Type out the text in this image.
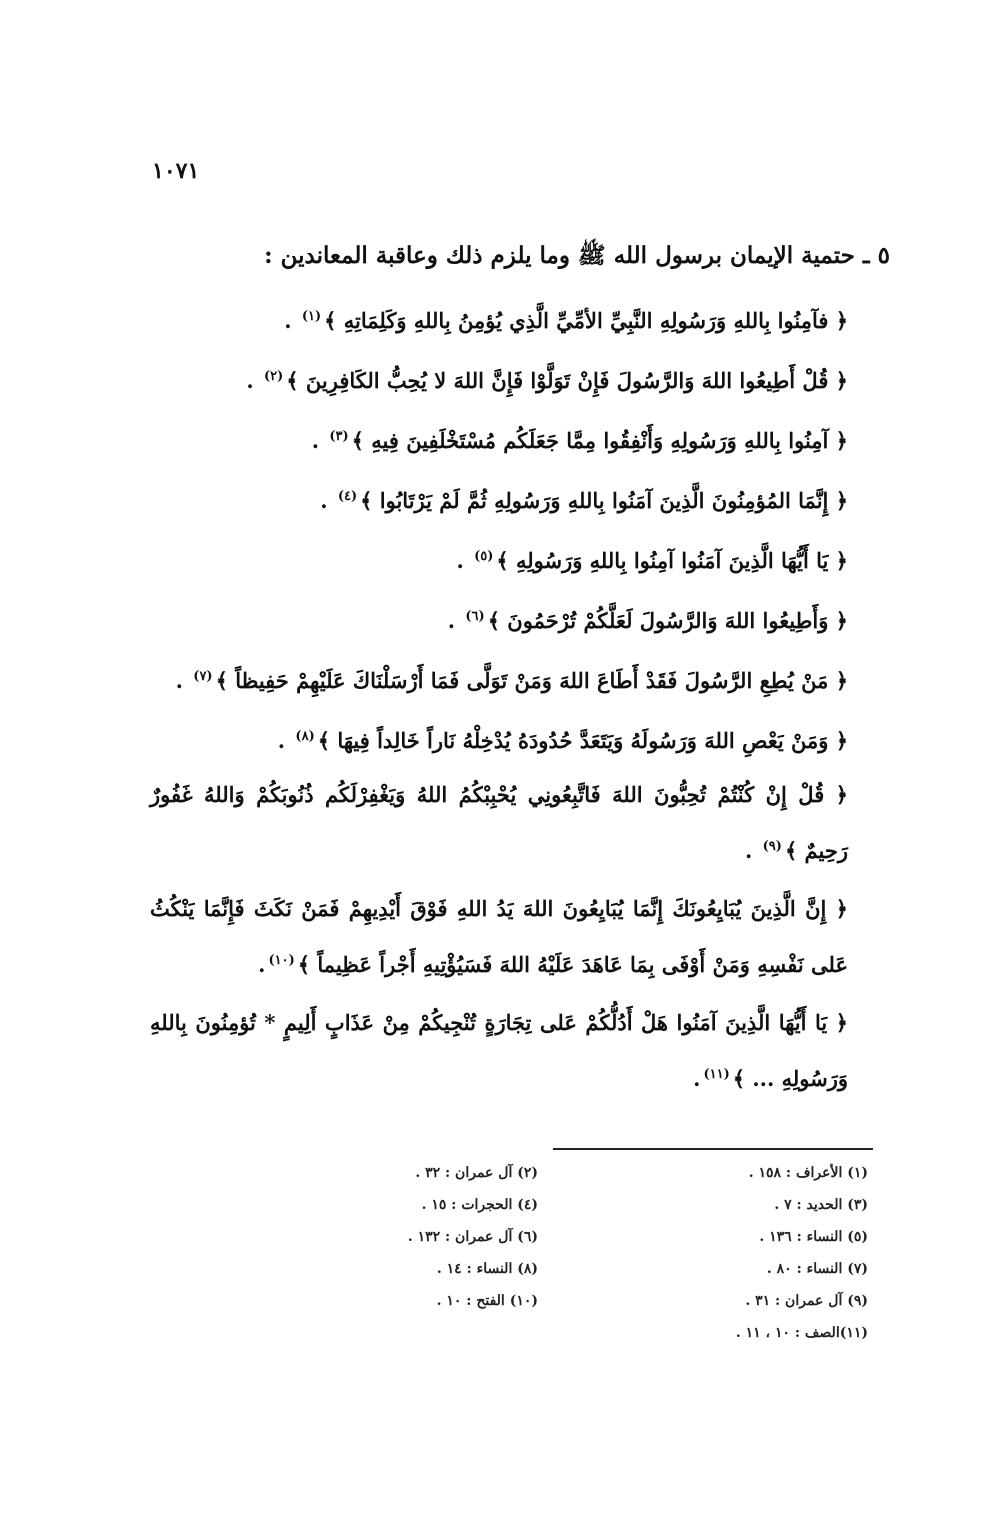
١٠٧١
٥ ـ حتمية الإيمان برسول الله ﷺ وما يلزم ذلك وعاقبة المعاندين :
﴿ فآمِنُوا بِاللهِ وَرَسُولِهِ النَّبِيِّ الأمِّيِّ الَّذِي يُؤمِنُ بِاللهِ وَكَلِمَاتِهِ ﴾$^{(١)}$ .
﴿ قُلْ أَطِيعُوا اللهَ وَالرَّسُولَ فَإِنْ تَوَلَّوْا فَإِنَّ اللهَ لا يُحِبُّ الكَافِرِينَ ﴾$^{(٢)}$ .
﴿ آمِنُوا بِاللهِ وَرَسُولِهِ وَأَنْفِقُوا مِمَّا جَعَلَكُم مُسْتَخْلَفِينَ فِيهِ ﴾$^{(٣)}$ .
﴿ إِنَّمَا المُؤمِنُونَ الَّذِينَ آمَنُوا بِاللهِ وَرَسُولِهِ ثُمَّ لَمْ يَرْتَابُوا ﴾$^{(٤)}$ .
﴿ يَا أَيُّهَا الَّذِينَ آمَنُوا آمِنُوا بِاللهِ وَرَسُولِهِ ﴾$^{(٥)}$ .
﴿ وَأَطِيعُوا اللهَ وَالرَّسُولَ لَعَلَّكُمْ تُرْحَمُونَ ﴾$^{(٦)}$ .
﴿ مَنْ يُطِعِ الرَّسُولَ فَقَدْ أَطَاعَ اللهَ وَمَنْ تَوَلَّى فَمَا أَرْسَلْنَاكَ عَلَيْهِمْ حَفِيظاً ﴾$^{(٧)}$ .
﴿ وَمَنْ يَعْصِ اللهَ وَرَسُولَهُ وَيَتَعَدَّ حُدُودَهُ يُدْخِلْهُ نَاراً خَالِداً فِيهَا ﴾$^{(٨)}$ .
﴿ قُلْ إِنْ كُنْتُمْ تُحِبُّونَ اللهَ فَاتَّبِعُونِي يُحْبِبْكُمُ اللهُ وَيَغْفِرْلَكُم ذُنُوبَكُمْ وَاللهُ غَفُورٌ رَحِيمٌ ﴾$^{(٩)}$ .
﴿ إِنَّ الَّذِينَ يُبَايِعُونَكَ إِنَّمَا يُبَايِعُونَ اللهَ يَدُ اللهِ فَوْقَ أَيْدِيهِمْ فَمَنْ نَكَثَ فَإِنَّمَا يَنْكُثُ عَلى نَفْسِهِ وَمَنْ أَوْفَى بِمَا عَاهَدَ عَلَيْهُ اللهَ فَسَيُؤْتِيهِ أَجْراً عَظِيماً ﴾$^{(١٠)}$.
﴿ يَا أَيُّهَا الَّذِينَ آمَنُوا هَلْ أَدُلُّكُمْ عَلى تِجَارَةٍ تُنْجِيكُمْ مِنْ عَذَابٍ أَلِيمٍ * تُؤمِنُونَ بِاللهِ وَرَسُولِهِ ... ﴾$^{(١١)}$.
(١) الأعراف : ١٥٨ .
(٢) آل عمران : ٣٢ .
(٣) الحديد : ٧ .
(٤) الحجرات : ١٥ .
(٥) النساء : ١٣٦ .
(٦) آل عمران : ١٣٢ .
(٧) النساء : ٨٠ .
(٨) النساء : ١٤ .
(٩) آل عمران : ٣١ .
(١٠) الفتح : ١٠ .
(١١)الصف : ١٠ ، ١١ .
